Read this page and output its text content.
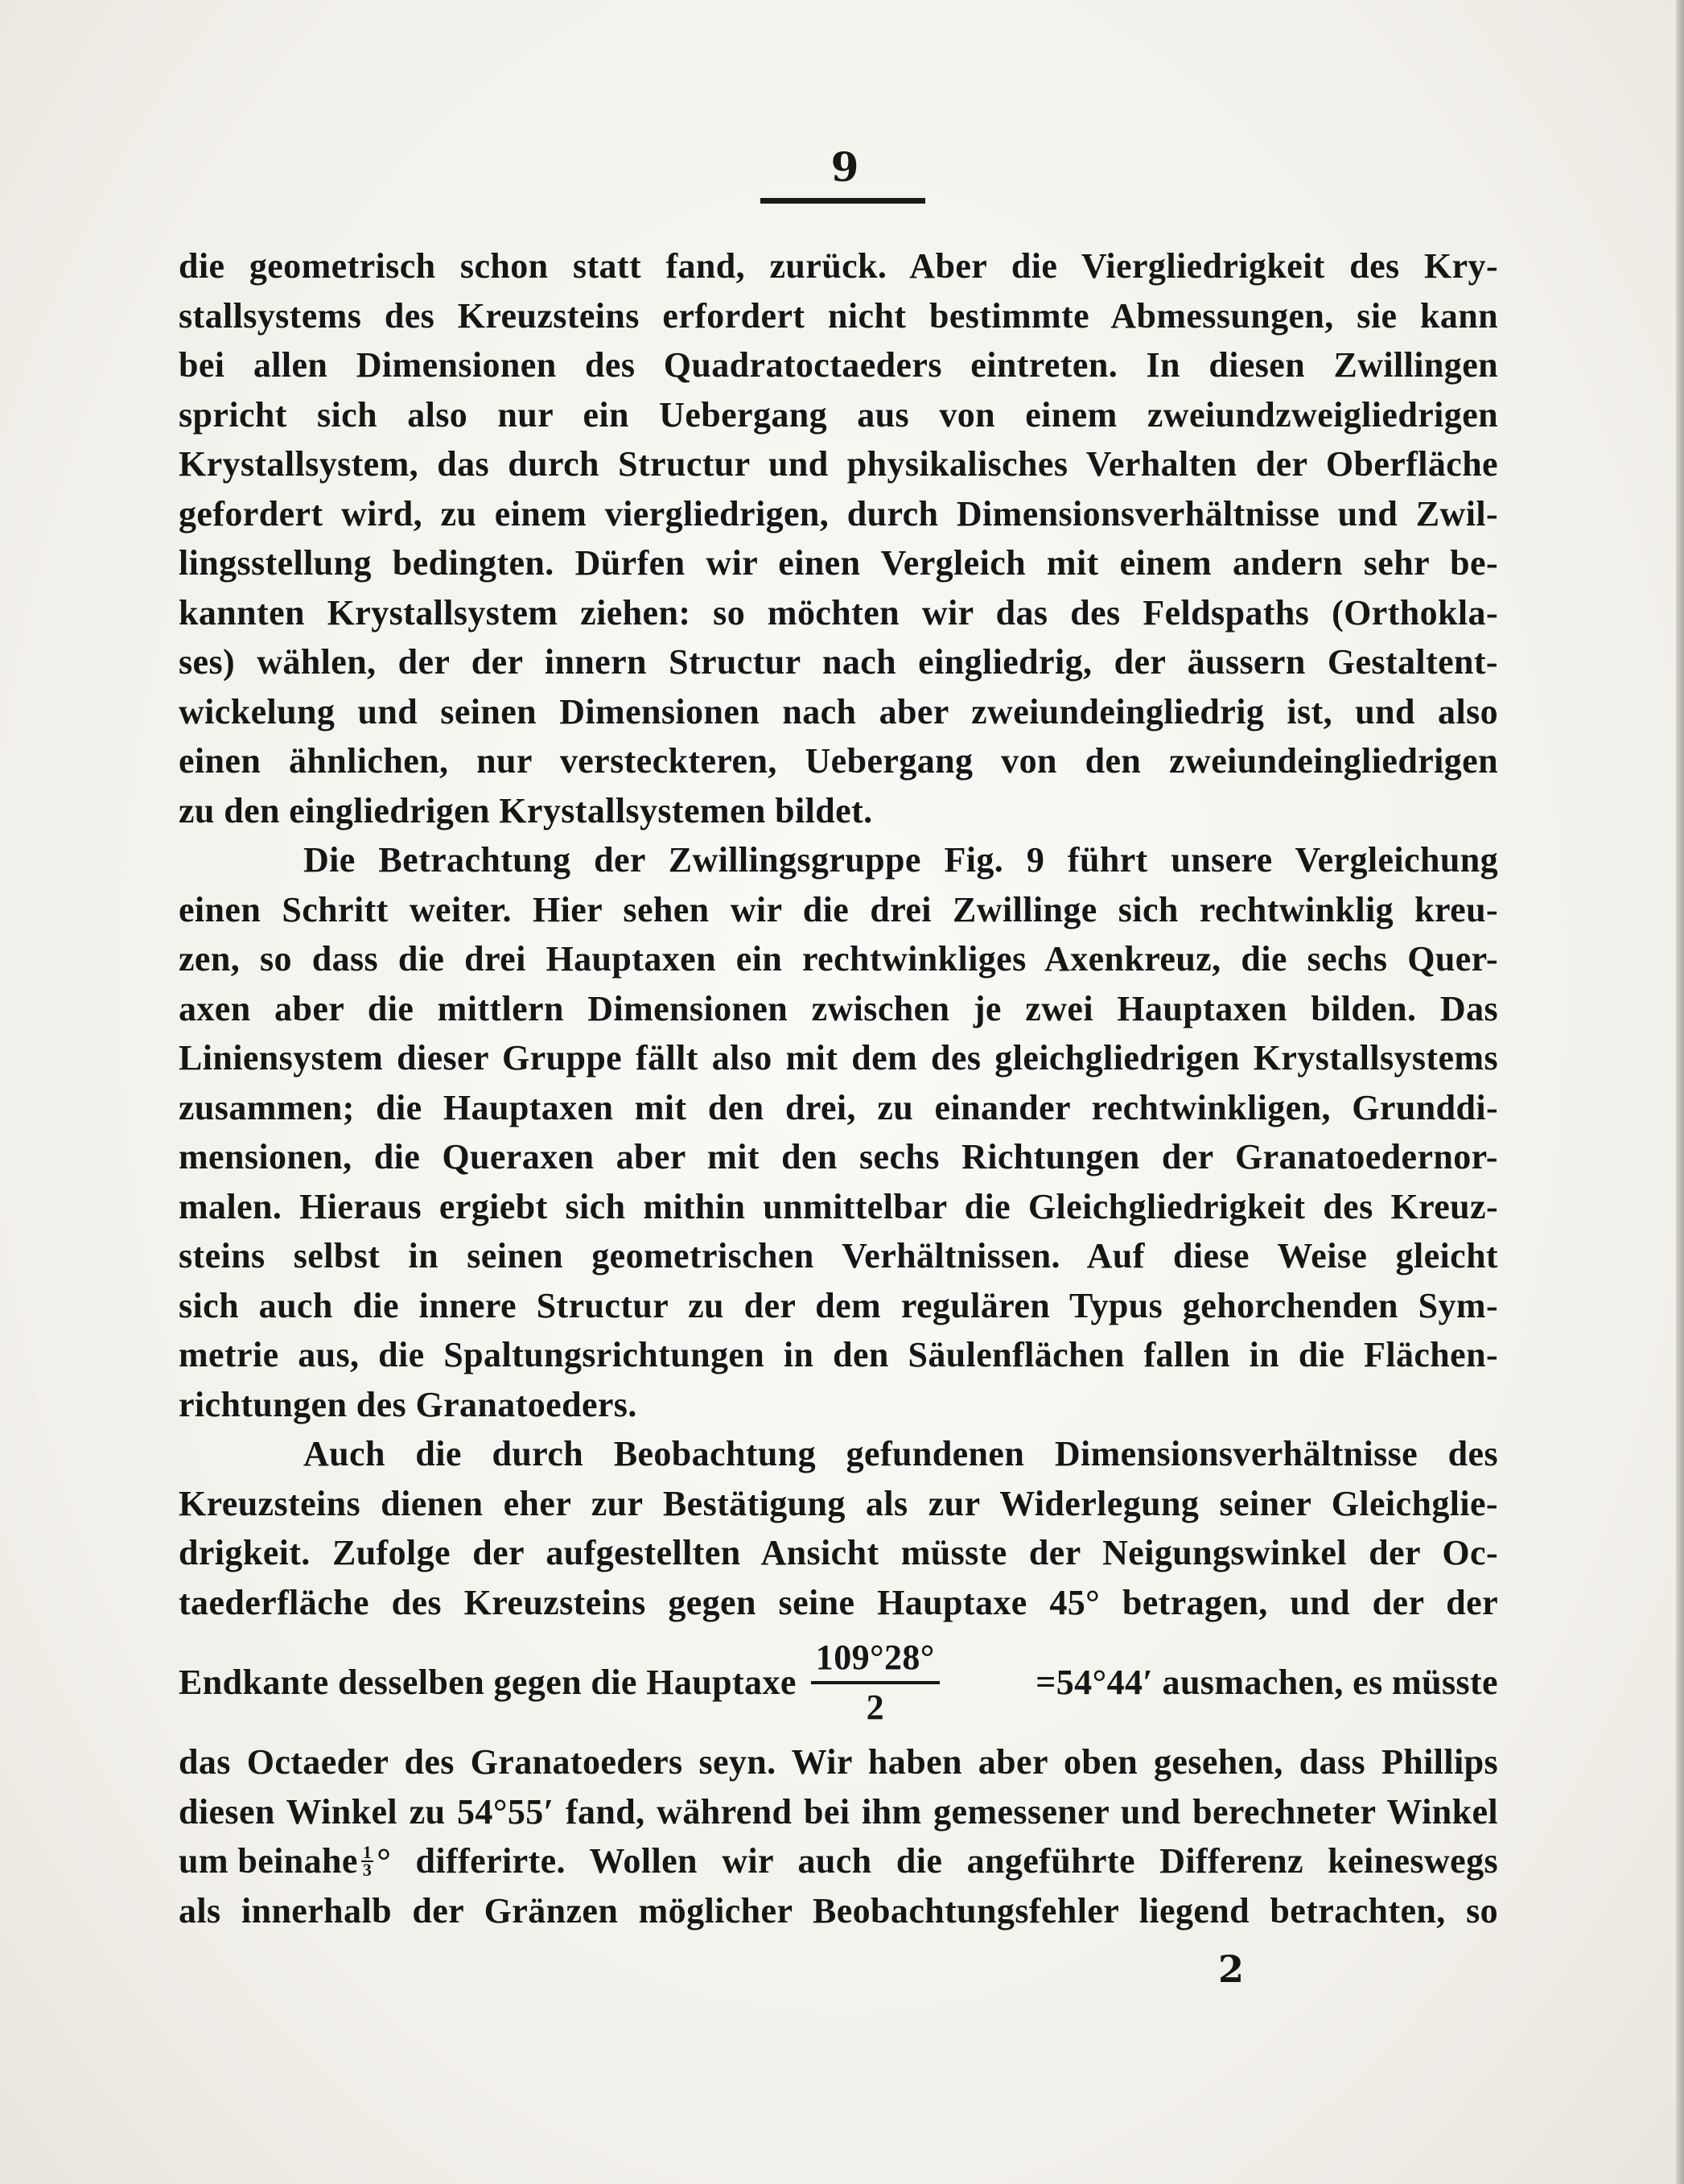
9
die geometrisch schon statt fand, zurück. Aber die Viergliedrigkeit des Kry-
stallsystems des Kreuzsteins erfordert nicht bestimmte Abmessungen, sie kann
bei allen Dimensionen des Quadratoctaeders eintreten. In diesen Zwillingen
spricht sich also nur ein Uebergang aus von einem zweiundzweigliedrigen
Krystallsystem, das durch Structur und physikalisches Verhalten der Oberfläche
gefordert wird, zu einem viergliedrigen, durch Dimensionsverhältnisse und Zwil-
lingsstellung bedingten. Dürfen wir einen Vergleich mit einem andern sehr be-
kannten Krystallsystem ziehen: so möchten wir das des Feldspaths (Orthokla-
ses) wählen, der der innern Structur nach eingliedrig, der äussern Gestaltent-
wickelung und seinen Dimensionen nach aber zweiundeingliedrig ist, und also
einen ähnlichen, nur versteckteren, Uebergang von den zweiundeingliedrigen
zu den eingliedrigen Krystallsystemen bildet.
Die Betrachtung der Zwillingsgruppe Fig. 9 führt unsere Vergleichung
einen Schritt weiter. Hier sehen wir die drei Zwillinge sich rechtwinklig kreu-
zen, so dass die drei Hauptaxen ein rechtwinkliges Axenkreuz, die sechs Quer-
axen aber die mittlern Dimensionen zwischen je zwei Hauptaxen bilden. Das
Liniensystem dieser Gruppe fällt also mit dem des gleichgliedrigen Krystallsystems
zusammen; die Hauptaxen mit den drei, zu einander rechtwinkligen, Grunddi-
mensionen, die Queraxen aber mit den sechs Richtungen der Granatoedernor-
malen. Hieraus ergiebt sich mithin unmittelbar die Gleichgliedrigkeit des Kreuz-
steins selbst in seinen geometrischen Verhältnissen. Auf diese Weise gleicht
sich auch die innere Structur zu der dem regulären Typus gehorchenden Sym-
metrie aus, die Spaltungsrichtungen in den Säulenflächen fallen in die Flächen-
richtungen des Granatoeders.
Auch die durch Beobachtung gefundenen Dimensionsverhältnisse des
Kreuzsteins dienen eher zur Bestätigung als zur Widerlegung seiner Gleichglie-
drigkeit. Zufolge der aufgestellten Ansicht müsste der Neigungswinkel der Oc-
taederfläche des Kreuzsteins gegen seine Hauptaxe 45° betragen, und der der
Endkante desselben gegen die Hauptaxe $\frac{109^\circ 28^\circ}{2}$	=54°44′ ausmachen, es müsste
das Octaeder des Granatoeders seyn. Wir haben aber oben gesehen, dass Phillips
diesen Winkel zu 54°55′ fand, während bei ihm gemessener und berechneter Winkel
um beinahe $\frac{1}{3}$ ° differirte. Wollen wir auch die angeführte Differenz keineswegs
als innerhalb der Gränzen möglicher Beobachtungsfehler liegend betrachten, so
2
